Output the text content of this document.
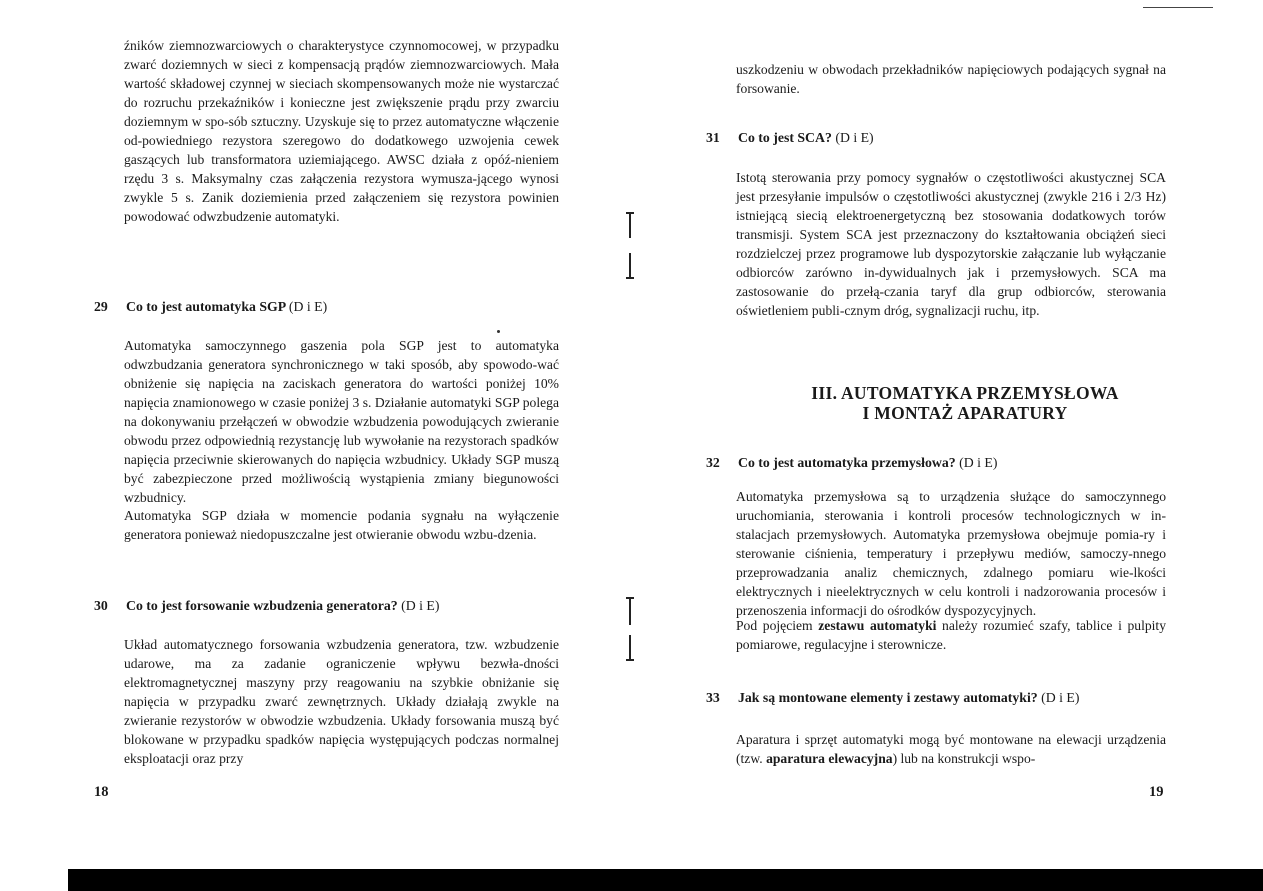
źników ziemnozwarciowych o charakterystyce czynnomocowej, w przypadku zwarć doziemnych w sieci z kompensacją prądów ziemnozwarciowych. Mała wartość składowej czynnej w sieciach skompensowanych może nie wystarczać do rozruchu przekaźników i konieczne jest zwiększenie prądu przy zwarciu doziemnym w spo-sób sztuczny. Uzyskuje się to przez automatyczne włączenie od-powiedniego rezystora szeregowo do dodatkowego uzwojenia cewek gaszących lub transformatora uziemiającego. AWSC działa z opóź-nieniem rzędu 3 s. Maksymalny czas załączenia rezystora wymusza-jącego wynosi zwykle 5 s. Zanik doziemienia przed załączeniem się rezystora powinien powodować odwzbudzenie automatyki.

29 Co to jest automatyka SGP (D i E)

Automatyka samoczynnego gaszenia pola SGP jest to automatyka odwzbudzania generatora synchronicznego w taki sposób, aby spowodo-wać obniżenie się napięcia na zaciskach generatora do wartości poniżej 10% napięcia znamionowego w czasie poniżej 3 s. Działanie automatyki SGP polega na dokonywaniu przełączeń w obwodzie wzbudzenia powodujących zwieranie obwodu przez odpowiednią rezystancję lub wywołanie na rezystorach spadków napięcia przeciwnie skierowanych do napięcia wzbudnicy. Układy SGP muszą być zabezpieczone przed możliwością wystąpienia zmiany biegunowości wzbudnicy.

Automatyka SGP działa w momencie podania sygnału na wyłączenie generatora ponieważ niedopuszczalne jest otwieranie obwodu wzbu-dzenia.

30 Co to jest forsowanie wzbudzenia generatora? (D i E)

Układ automatycznego forsowania wzbudzenia generatora, tzw. wzbudzenie udarowe, ma za zadanie ograniczenie wpływu bezwła-dności elektromagnetycznej maszyny przy reagowaniu na szybkie obniżanie się napięcia w przypadku zwarć zewnętrznych. Układy działają zwykle na zwieranie rezystorów w obwodzie wzbudzenia. Układy forsowania muszą być blokowane w przypadku spadków napięcia występujących podczas normalnej eksploatacji oraz przy

18

uszkodzeniu w obwodach przekładników napięciowych podających sygnał na forsowanie.

31 Co to jest SCA? (D i E)

Istotą sterowania przy pomocy sygnałów o częstotliwości akustycznej SCA jest przesyłanie impulsów o częstotliwości akustycznej (zwykle 216 i 2/3 Hz) istniejącą siecią elektroenergetyczną bez stosowania dodatkowych torów transmisji. System SCA jest przeznaczony do kształtowania obciążeń sieci rozdzielczej przez programowe lub dyspozytorskie załączanie lub wyłączanie odbiorców zarówno in-dywidualnych jak i przemysłowych. SCA ma zastosowanie do przełą-czania taryf dla grup odbiorców, sterowania oświetleniem publi-cznym dróg, sygnalizacji ruchu, itp.

III. AUTOMATYKA PRZEMYSŁOWA
I MONTAŻ APARATURY
32 Co to jest automatyka przemysłowa? (D i E)

Automatyka przemysłowa są to urządzenia służące do samoczynnego uruchomiania, sterowania i kontroli procesów technologicznych w in-stalacjach przemysłowych. Automatyka przemysłowa obejmuje pomia-ry i sterowanie ciśnienia, temperatury i przepływu mediów, samoczy-nnego przeprowadzania analiz chemicznych, zdalnego pomiaru wie-lkości elektrycznych i nieelektrycznych w celu kontroli i nadzorowania procesów i przenoszenia informacji do ośrodków dyspozycyjnych.

Pod pojęciem zestawu automatyki należy rozumieć szafy, tablice i pulpity pomiarowe, regulacyjne i sterownicze.

33 Jak są montowane elementy i zestawy automatyki? (D i E)

Aparatura i sprzęt automatyki mogą być montowane na elewacji urządzenia (tzw. aparatura elewacyjna) lub na konstrukcji wspo-

19
